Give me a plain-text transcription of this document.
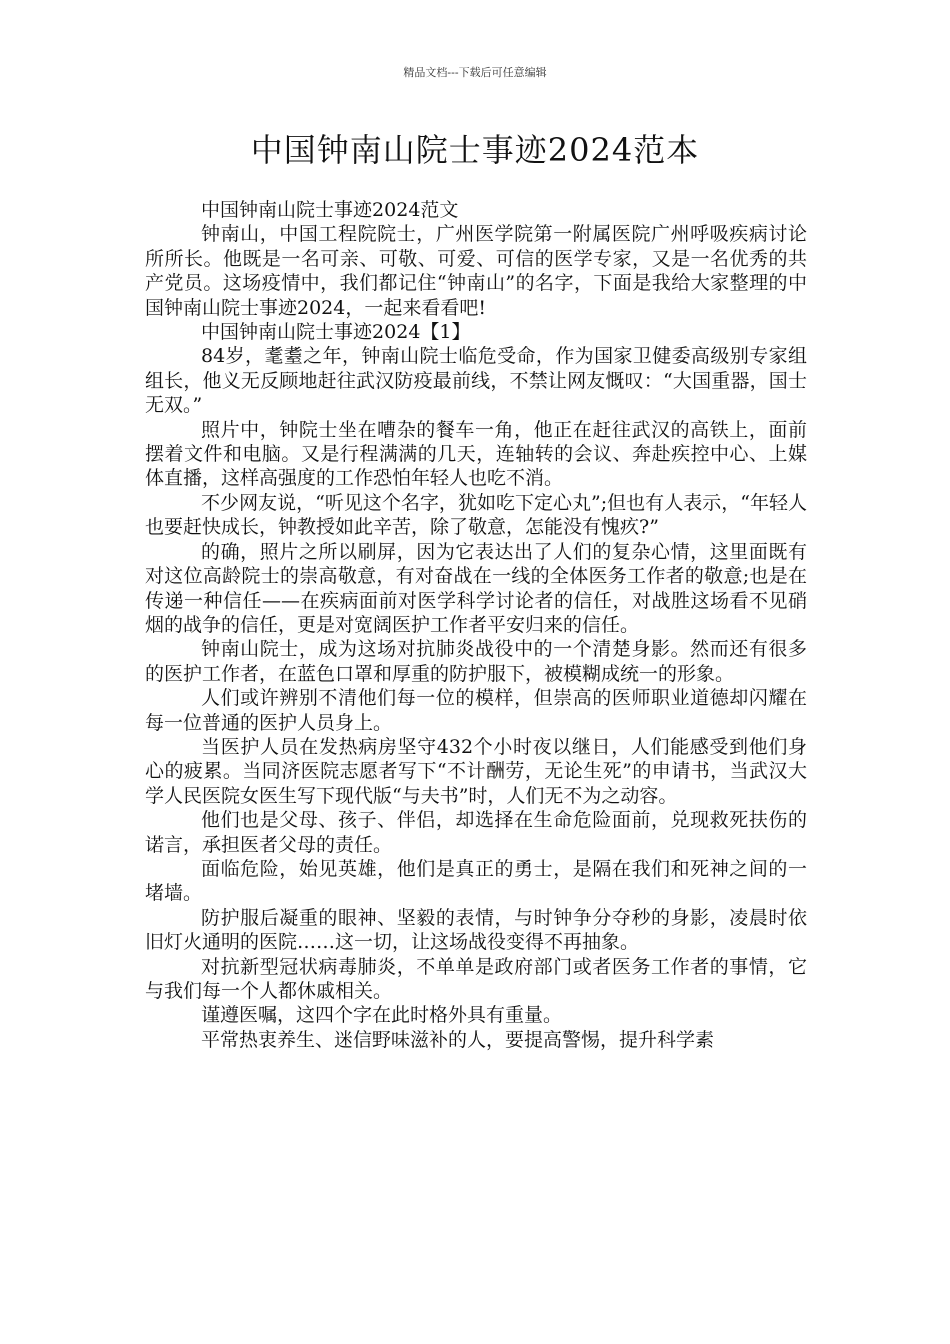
精品文档---下载后可任意编辑
中国钟南山院士事迹2024范本

中国钟南山院士事迹2024范文

钟南山，中国工程院院士，广州医学院第一附属医院广州呼吸疾病讨论所所长。他既是一名可亲、可敬、可爱、可信的医学专家，又是一名优秀的共产党员。这场疫情中，我们都记住“钟南山”的名字，下面是我给大家整理的中国钟南山院士事迹2024，一起来看看吧!

中国钟南山院士事迹2024【1】

84岁，耄耋之年，钟南山院士临危受命，作为国家卫健委高级别专家组组长，他义无反顾地赶往武汉防疫最前线，不禁让网友慨叹：“大国重器，国士无双。”

照片中，钟院士坐在嘈杂的餐车一角，他正在赶往武汉的高铁上，面前摆着文件和电脑。又是行程满满的几天，连轴转的会议、奔赴疾控中心、上媒体直播，这样高强度的工作恐怕年轻人也吃不消。

不少网友说，“听见这个名字，犹如吃下定心丸”;但也有人表示，“年轻人也要赶快成长，钟教授如此辛苦，除了敬意，怎能没有愧疚?”

的确，照片之所以刷屏，因为它表达出了人们的复杂心情，这里面既有对这位高龄院士的崇高敬意，有对奋战在一线的全体医务工作者的敬意;也是在传递一种信任——在疾病面前对医学科学讨论者的信任，对战胜这场看不见硝烟的战争的信任，更是对宽阔医护工作者平安归来的信任。

钟南山院士，成为这场对抗肺炎战役中的一个清楚身影。然而还有很多的医护工作者，在蓝色口罩和厚重的防护服下，被模糊成统一的形象。

人们或许辨别不清他们每一位的模样，但崇高的医师职业道德却闪耀在每一位普通的医护人员身上。

当医护人员在发热病房坚守432个小时夜以继日，人们能感受到他们身心的疲累。当同济医院志愿者写下“不计酬劳，无论生死”的申请书，当武汉大学人民医院女医生写下现代版“与夫书”时，人们无不为之动容。

他们也是父母、孩子、伴侣，却选择在生命危险面前，兑现救死扶伤的诺言，承担医者父母的责任。

面临危险，始见英雄，他们是真正的勇士，是隔在我们和死神之间的一堵墙。

防护服后凝重的眼神、坚毅的表情，与时钟争分夺秒的身影，凌晨时依旧灯火通明的医院……这一切，让这场战役变得不再抽象。

对抗新型冠状病毒肺炎，不单单是政府部门或者医务工作者的事情，它与我们每一个人都休戚相关。

谨遵医嘱，这四个字在此时格外具有重量。

平常热衷养生、迷信野味滋补的人，要提高警惕，提升科学素
